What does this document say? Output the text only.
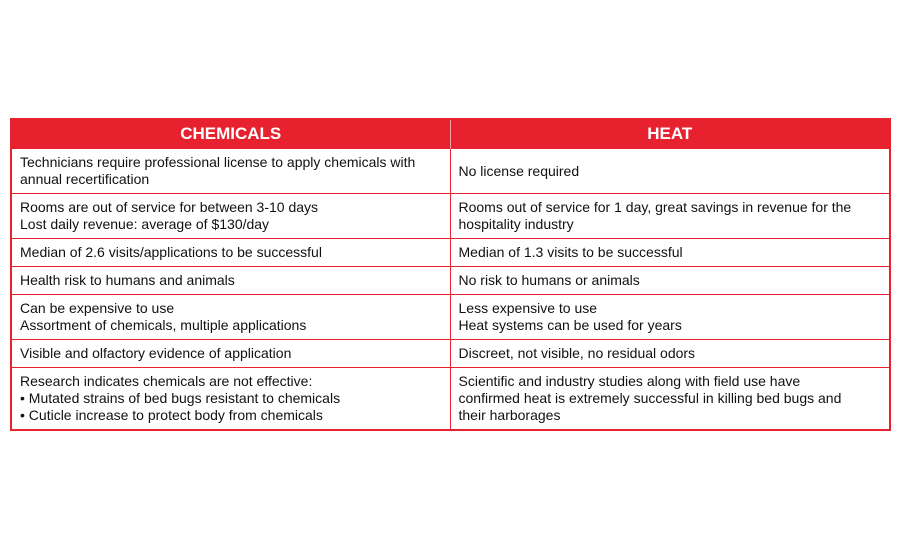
CHEMICALS	HEAT

Technicians require professional license to apply chemicals with
annual recertification	No license required

Rooms are out of service for between 3-10 days
Lost daily revenue: average of $130/day	Rooms out of service for 1 day, great savings in revenue for the
hospitality industry

Median of 2.6 visits/applications to be successful	Median of 1.3 visits to be successful

Health risk to humans and animals	No risk to humans or animals

Can be expensive to use
Assortment of chemicals, multiple applications	Less expensive to use
Heat systems can be used for years

Visible and olfactory evidence of application	Discreet, not visible, no residual odors

Research indicates chemicals are not effective:
• Mutated strains of bed bugs resistant to chemicals
• Cuticle increase to protect body from chemicals	Scientific and industry studies along with field use have
confirmed heat is extremely successful in killing bed bugs and
their harborages
